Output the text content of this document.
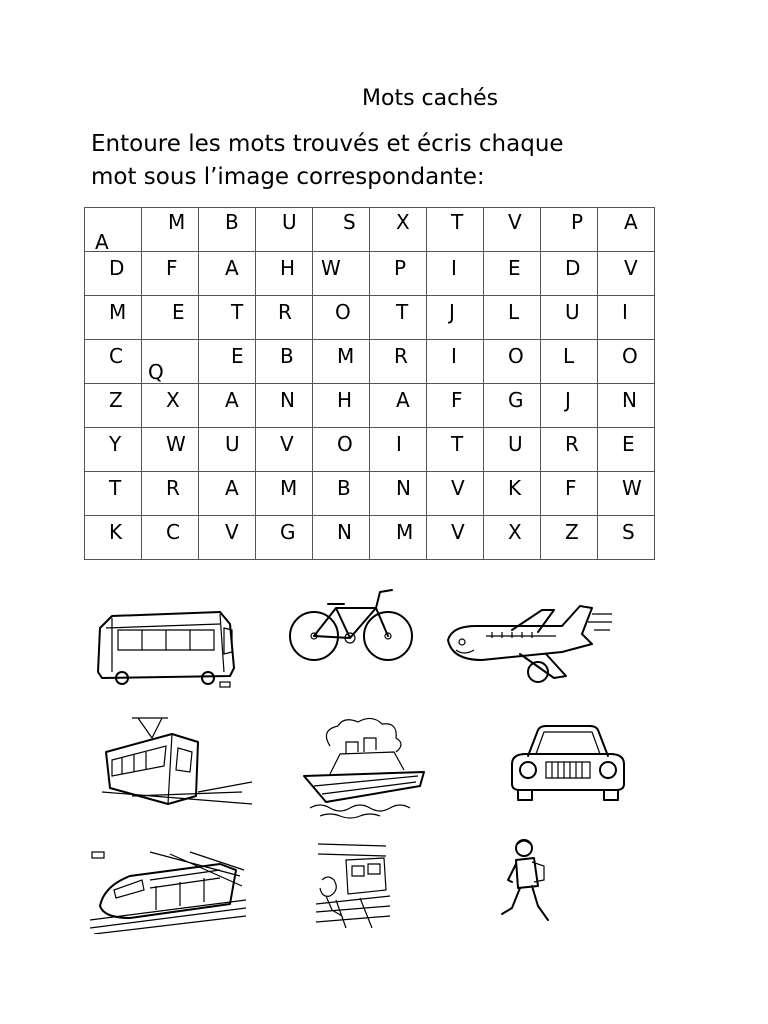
Mots cachés
Entoure les mots trouvés et écris chaque
mot sous l’image correspondante:
A	M	B	U	S	X	T	V	P	A

D	F	A	H	W	P	I	E	D	V

M	E	T	R	O	T	J	L	U	I

C	Q	E	B	M	R	I	O	L	O

Z	X	A	N	H	A	F	G	J	N

Y	W	U	V	O	I	T	U	R	E

T	R	A	M	B	N	V	K	F	W

K	C	V	G	N	M	V	X	Z	S
